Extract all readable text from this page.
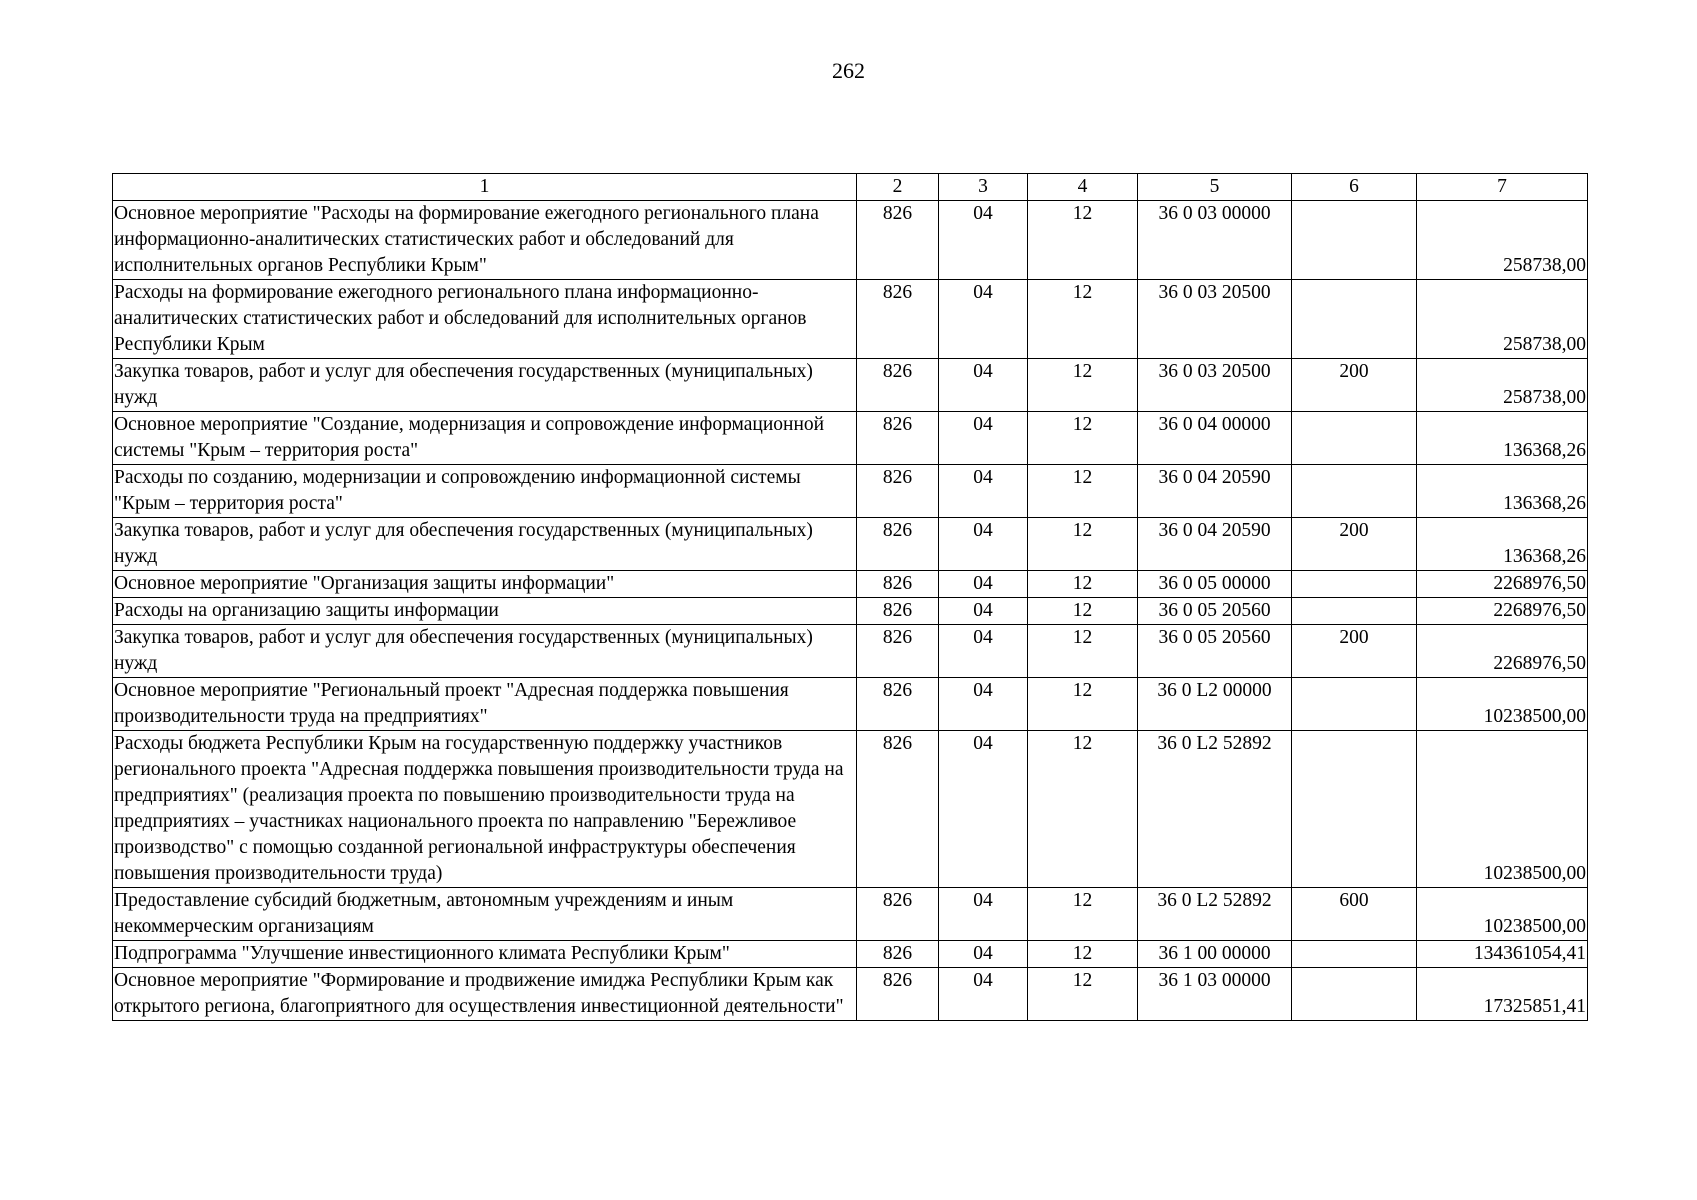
262
1	2	3	4	5	6	7
Основное мероприятие "Расходы на формирование ежегодного регионального плана информационно-аналитических статистических работ и обследований для исполнительных органов Республики Крым"	826	04	12	36 0 03 00000		258738,00
Расходы на формирование ежегодного регионального плана информационно-аналитических статистических работ и обследований для исполнительных органов Республики Крым	826	04	12	36 0 03 20500		258738,00
Закупка товаров, работ и услуг для обеспечения государственных (муниципальных) нужд	826	04	12	36 0 03 20500	200	258738,00
Основное мероприятие "Создание, модернизация и сопровождение информационной системы "Крым – территория роста"	826	04	12	36 0 04 00000		136368,26
Расходы по созданию, модернизации и сопровождению информационной системы "Крым – территория роста"	826	04	12	36 0 04 20590		136368,26
Закупка товаров, работ и услуг для обеспечения государственных (муниципальных) нужд	826	04	12	36 0 04 20590	200	136368,26
Основное мероприятие "Организация защиты информации"	826	04	12	36 0 05 00000		2268976,50
Расходы на организацию защиты информации	826	04	12	36 0 05 20560		2268976,50
Закупка товаров, работ и услуг для обеспечения государственных (муниципальных) нужд	826	04	12	36 0 05 20560	200	2268976,50
Основное мероприятие "Региональный проект "Адресная поддержка повышения производительности труда на предприятиях"	826	04	12	36 0 L2 00000		10238500,00
Расходы бюджета Республики Крым на государственную поддержку участников регионального проекта "Адресная поддержка повышения производительности труда на предприятиях" (реализация проекта по повышению производительности труда на предприятиях – участниках национального проекта по направлению "Бережливое производство" с помощью созданной региональной инфраструктуры обеспечения повышения производительности труда)	826	04	12	36 0 L2 52892		10238500,00
Предоставление субсидий бюджетным, автономным учреждениям и иным некоммерческим организациям	826	04	12	36 0 L2 52892	600	10238500,00
Подпрограмма "Улучшение инвестиционного климата Республики Крым"	826	04	12	36 1 00 00000		134361054,41
Основное мероприятие "Формирование и продвижение имиджа Республики Крым как открытого региона, благоприятного для осуществления инвестиционной деятельности"	826	04	12	36 1 03 00000		17325851,41
